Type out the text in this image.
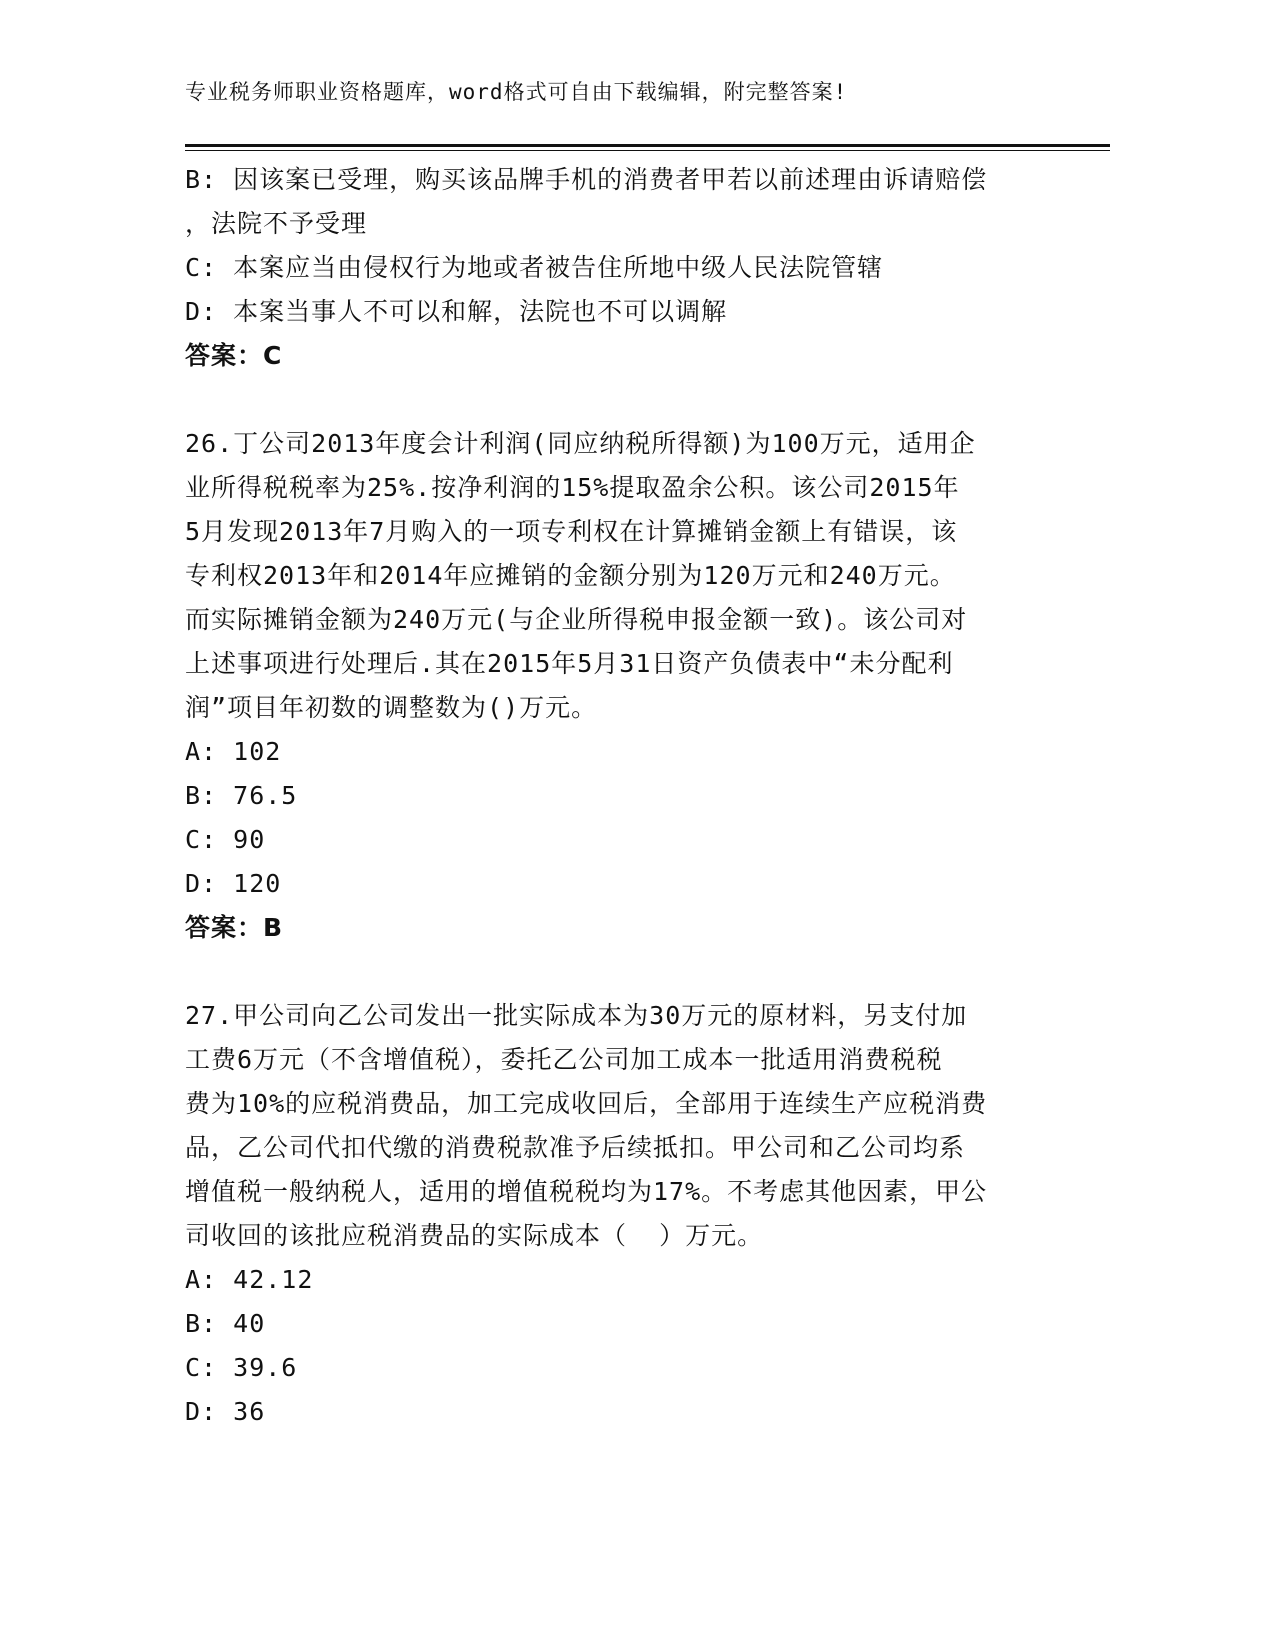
专业税务师职业资格题库，word格式可自由下载编辑，附完整答案!
B: 因该案已受理，购买该品牌手机的消费者甲若以前述理由诉请赔偿
，法院不予受理
C: 本案应当由侵权行为地或者被告住所地中级人民法院管辖
D: 本案当事人不可以和解，法院也不可以调解
答案：C
26.丁公司2013年度会计利润(同应纳税所得额)为100万元，适用企
业所得税税率为25%.按净利润的15%提取盈余公积。该公司2015年
5月发现2013年7月购入的一项专利权在计算摊销金额上有错误，该
专利权2013年和2014年应摊销的金额分别为120万元和240万元。
而实际摊销金额为240万元(与企业所得税申报金额一致)。该公司对
上述事项进行处理后.其在2015年5月31日资产负债表中“未分配利
润”项目年初数的调整数为()万元。
A: 102
B: 76.5
C: 90
D: 120
答案：B
27.甲公司向乙公司发出一批实际成本为30万元的原材料，另支付加
工费6万元（不含增值税），委托乙公司加工成本一批适用消费税税
费为10%的应税消费品，加工完成收回后，全部用于连续生产应税消费
品，乙公司代扣代缴的消费税款准予后续抵扣。甲公司和乙公司均系
增值税一般纳税人，适用的增值税税均为17%。不考虑其他因素，甲公
司收回的该批应税消费品的实际成本（  ）万元。
A: 42.12
B: 40
C: 39.6
D: 36
